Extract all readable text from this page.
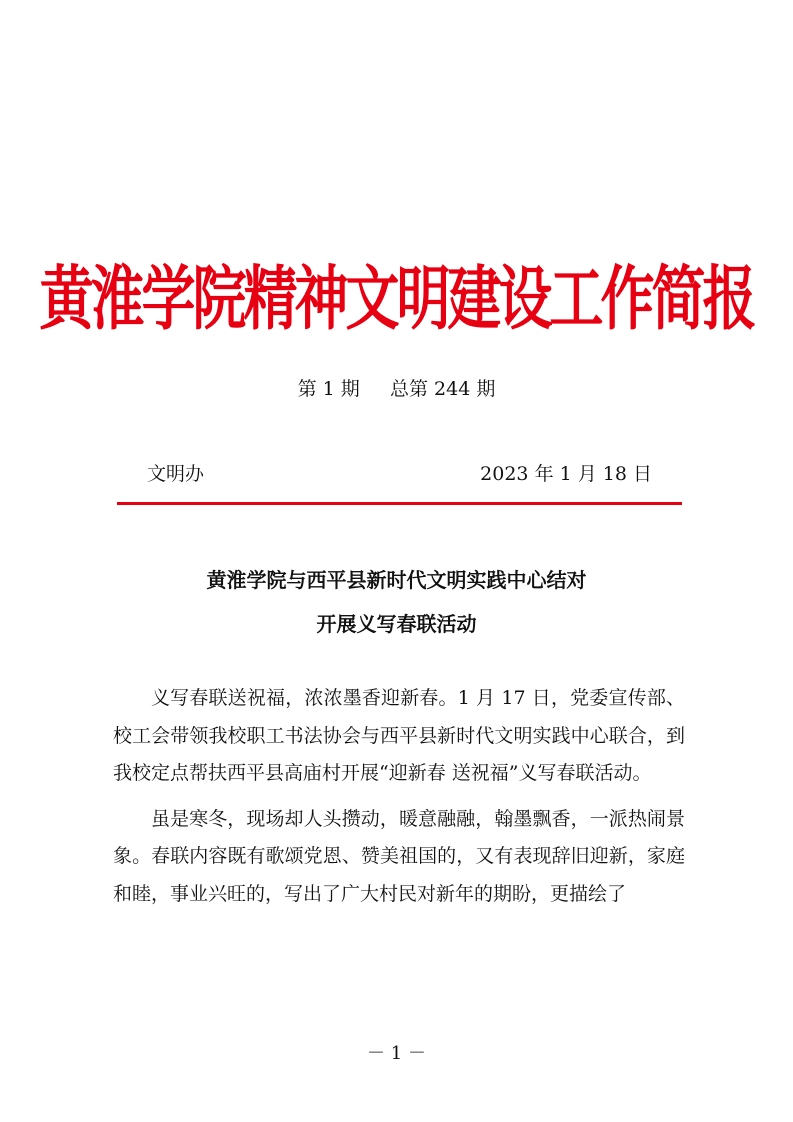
黄淮学院精神文明建设工作简报
第 1 期     总第 244 期
文明办	2023 年 1 月 18 日
黄淮学院与西平县新时代文明实践中心结对
开展义写春联活动

义写春联送祝福，浓浓墨香迎新春。1 月 17 日，党委宣传部、校工会带领我校职工书法协会与西平县新时代文明实践中心联合，到我校定点帮扶西平县高庙村开展“迎新春 送祝福”义写春联活动。

虽是寒冬，现场却人头攒动，暖意融融，翰墨飘香，一派热闹景象。春联内容既有歌颂党恩、赞美祖国的，又有表现辞旧迎新，家庭和睦，事业兴旺的，写出了广大村民对新年的期盼，更描绘了

－ 1 －
